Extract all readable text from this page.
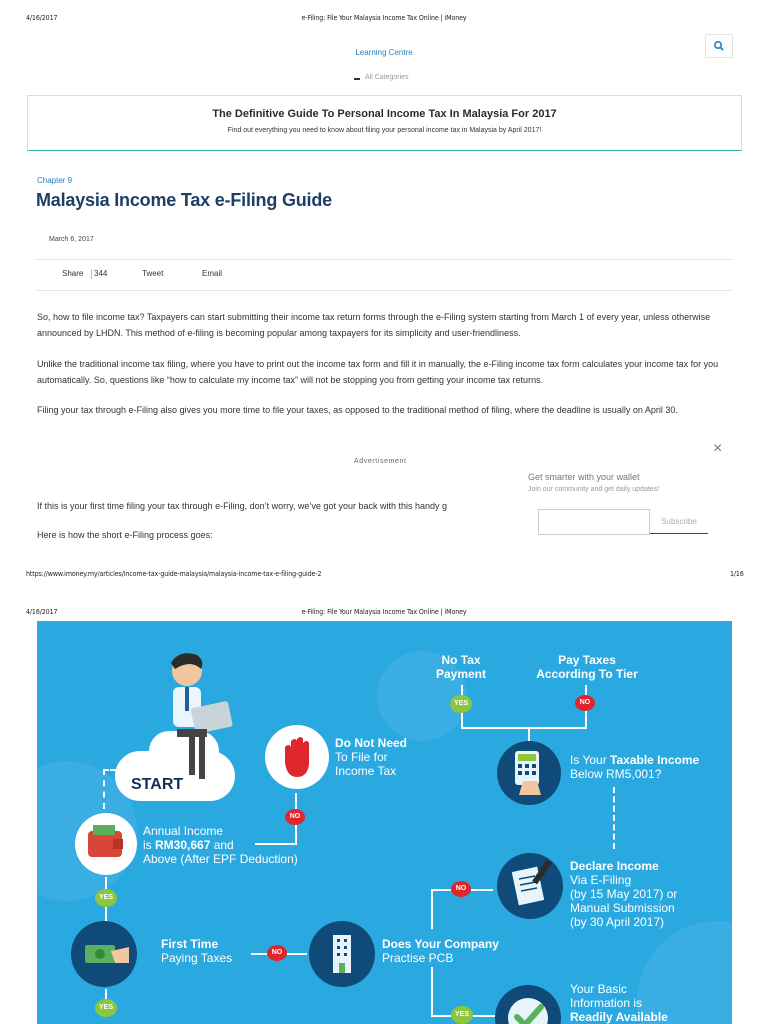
4/16/2017	e-Filing: File Your Malaysia Income Tax Online | iMoney
Learning Centre
All Categories
The Definitive Guide To Personal Income Tax In Malaysia For 2017

Find out everything you need to know about filing your personal income tax in Malaysia by April 2017!

Chapter 9
Malaysia Income Tax e-Filing Guide
March 6, 2017
Share 344	Tweet	Email

So, how to file income tax? Taxpayers can start submitting their income tax return forms through the e-Filing system starting from March 1 of every year, unless otherwise announced by LHDN. This method of e-filing is becoming popular among taxpayers for its simplicity and user-friendliness.

Unlike the traditional income tax filing, where you have to print out the income tax form and fill it in manually, the e-Filing income tax form calculates your income tax for you automatically. So, questions like “how to calculate my income tax” will not be stopping you from getting your income tax returns.

Filing your tax through e-Filing also gives you more time to file your taxes, as opposed to the traditional method of filing, where the deadline is usually on April 30.

Advertisement

If this is your first time filing your tax through e-Filing, don’t worry, we’ve got your back with this handy g

Here is how the short e-Filing process goes:

×
Get smarter with your wallet
Join our community and get daily updates!
Subscribe
https://www.imoney.my/articles/income-tax-guide-malaysia/malaysia-income-tax-e-filing-guide-2	1/16
4/16/2017	e-Filing: File Your Malaysia Income Tax Online | iMoney
START
Annual Income
is RM30,667 and
Above (After EPF Deduction)
Do Not Need
To File for
Income Tax
NO
YES
First Time
Paying Taxes	NO
Does Your Company
Practise PCB
YES
NO
YES
No Tax
Payment
Pay Taxes
According To Tier
YES	NO
Is Your Taxable Income
Below RM5,001?
Declare Income
Via E-Filing
(by 15 May 2017) or
Manual Submission
(by 30 April 2017)
Your Basic
Information is
Readily Available
